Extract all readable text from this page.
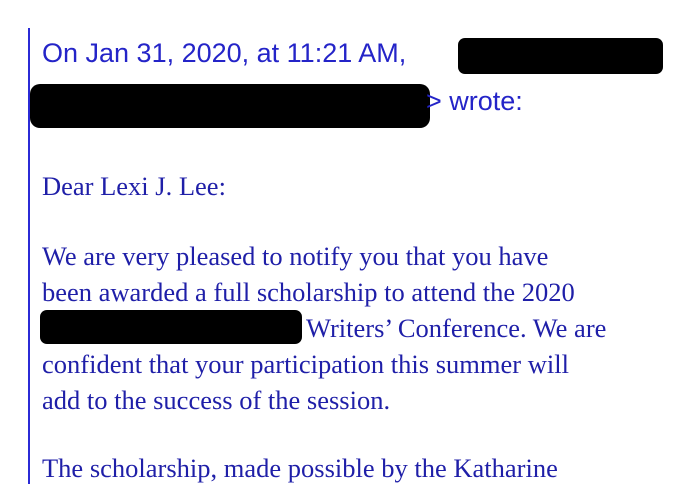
On Jan 31, 2020, at 11:21 AM,
> wrote:
Dear Lexi J. Lee:
We are very pleased to notify you that you have
been awarded a full scholarship to attend the 2020
Writers’ Conference. We are
confident that your participation this summer will
add to the success of the session.
The scholarship, made possible by the Katharine
